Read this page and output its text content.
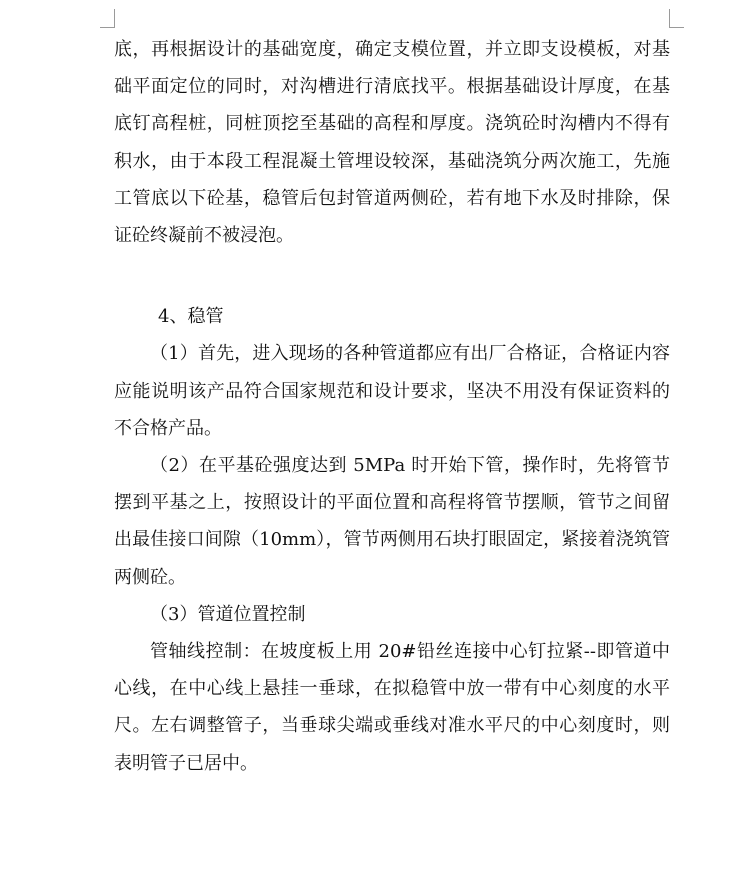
底，再根据设计的基础宽度，确定支模位置，并立即支设模板，对基础平面定位的同时，对沟槽进行清底找平。根据基础设计厚度，在基底钉高程桩，同桩顶挖至基础的高程和厚度。浇筑砼时沟槽内不得有积水，由于本段工程混凝土管埋设较深，基础浇筑分两次施工，先施工管底以下砼基，稳管后包封管道两侧砼，若有地下水及时排除，保证砼终凝前不被浸泡。

4、稳管

（1）首先，进入现场的各种管道都应有出厂合格证，合格证内容应能说明该产品符合国家规范和设计要求，坚决不用没有保证资料的不合格产品。

（2）在平基砼强度达到 5MPa 时开始下管，操作时，先将管节摆到平基之上，按照设计的平面位置和高程将管节摆顺，管节之间留出最佳接口间隙（10mm），管节两侧用石块打眼固定，紧接着浇筑管两侧砼。

（3）管道位置控制

管轴线控制：在坡度板上用 20#铅丝连接中心钉拉紧--即管道中心线，在中心线上悬挂一垂球，在拟稳管中放一带有中心刻度的水平尺。左右调整管子，当垂球尖端或垂线对准水平尺的中心刻度时，则表明管子已居中。
